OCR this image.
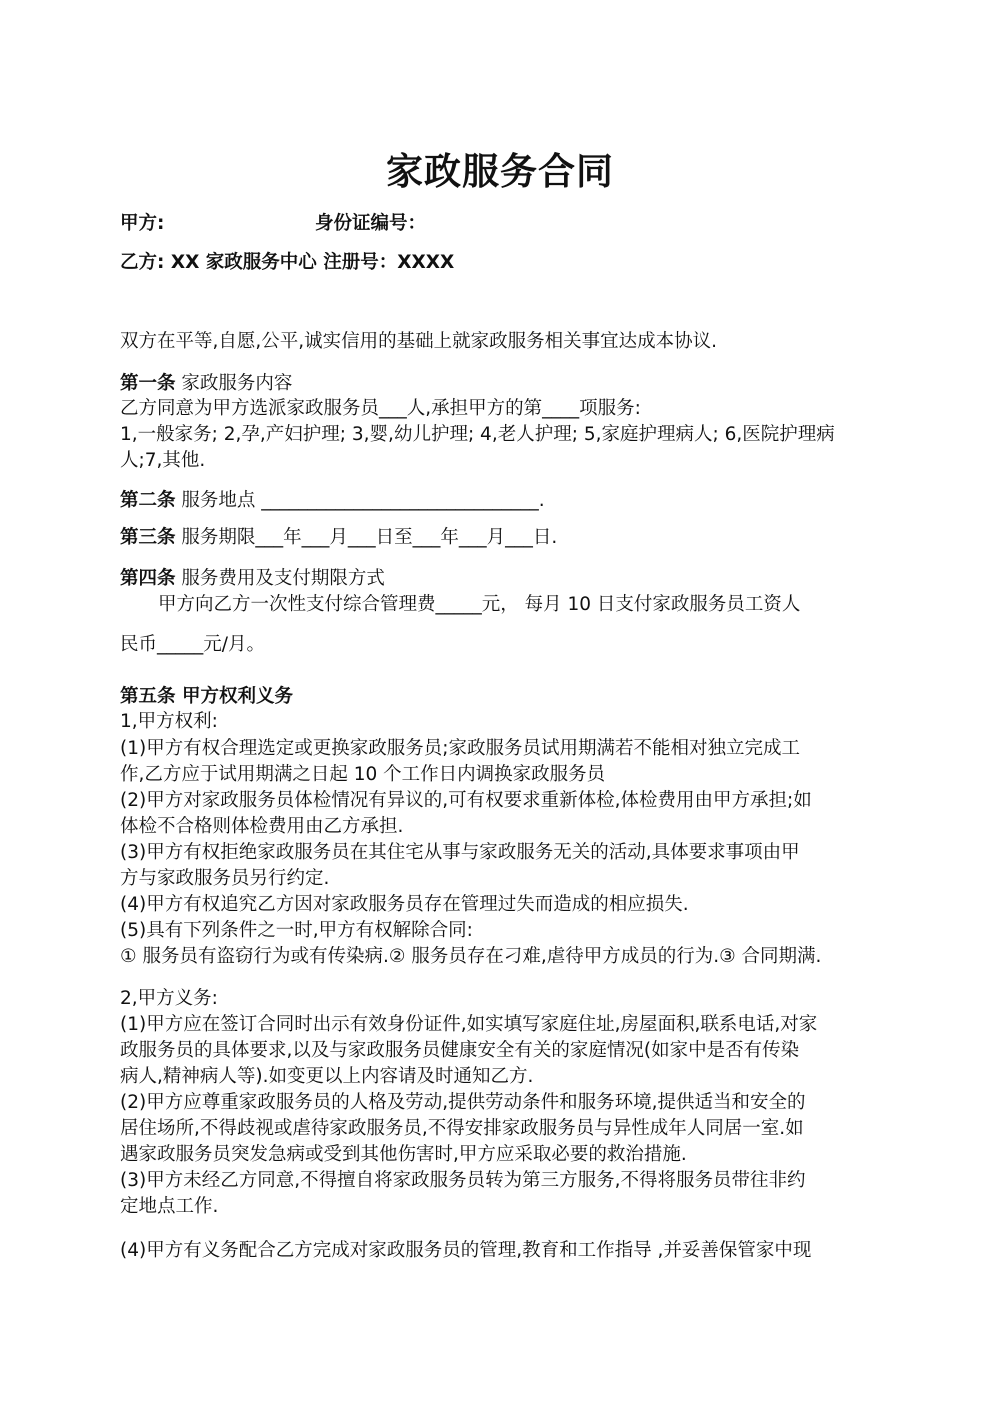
家政服务合同
甲方:	身份证编号：
乙方: XX 家政服务中心 注册号：XXXX
双方在平等,自愿,公平,诚实信用的基础上就家政服务相关事宜达成本协议.
第一条 家政服务内容
乙方同意为甲方选派家政服务员___人,承担甲方的第____项服务:
1,一般家务; 2,孕,产妇护理; 3,婴,幼儿护理; 4,老人护理; 5,家庭护理病人; 6,医院护理病
人;7,其他.
第二条 服务地点 ______________________________.
第三条 服务期限___年___月___日至___年___月___日.
第四条 服务费用及支付期限方式
甲方向乙方一次性支付综合管理费_____元， 每月 10 日支付家政服务员工资人
民币_____元/月。
第五条 甲方权利义务
1,甲方权利:
(1)甲方有权合理选定或更换家政服务员;家政服务员试用期满若不能相对独立完成工
作,乙方应于试用期满之日起 10 个工作日内调换家政服务员
(2)甲方对家政服务员体检情况有异议的,可有权要求重新体检,体检费用由甲方承担;如
体检不合格则体检费用由乙方承担.
(3)甲方有权拒绝家政服务员在其住宅从事与家政服务无关的活动,具体要求事项由甲
方与家政服务员另行约定.
(4)甲方有权追究乙方因对家政服务员存在管理过失而造成的相应损失.
(5)具有下列条件之一时,甲方有权解除合同:
① 服务员有盗窃行为或有传染病.② 服务员存在刁难,虐待甲方成员的行为.③ 合同期满.
2,甲方义务:
(1)甲方应在签订合同时出示有效身份证件,如实填写家庭住址,房屋面积,联系电话,对家
政服务员的具体要求,以及与家政服务员健康安全有关的家庭情况(如家中是否有传染
病人,精神病人等).如变更以上内容请及时通知乙方.
(2)甲方应尊重家政服务员的人格及劳动,提供劳动条件和服务环境,提供适当和安全的
居住场所,不得歧视或虐待家政服务员,不得安排家政服务员与异性成年人同居一室.如
遇家政服务员突发急病或受到其他伤害时,甲方应采取必要的救治措施.
(3)甲方未经乙方同意,不得擅自将家政服务员转为第三方服务,不得将服务员带往非约
定地点工作.
(4)甲方有义务配合乙方完成对家政服务员的管理,教育和工作指导 ,并妥善保管家中现
